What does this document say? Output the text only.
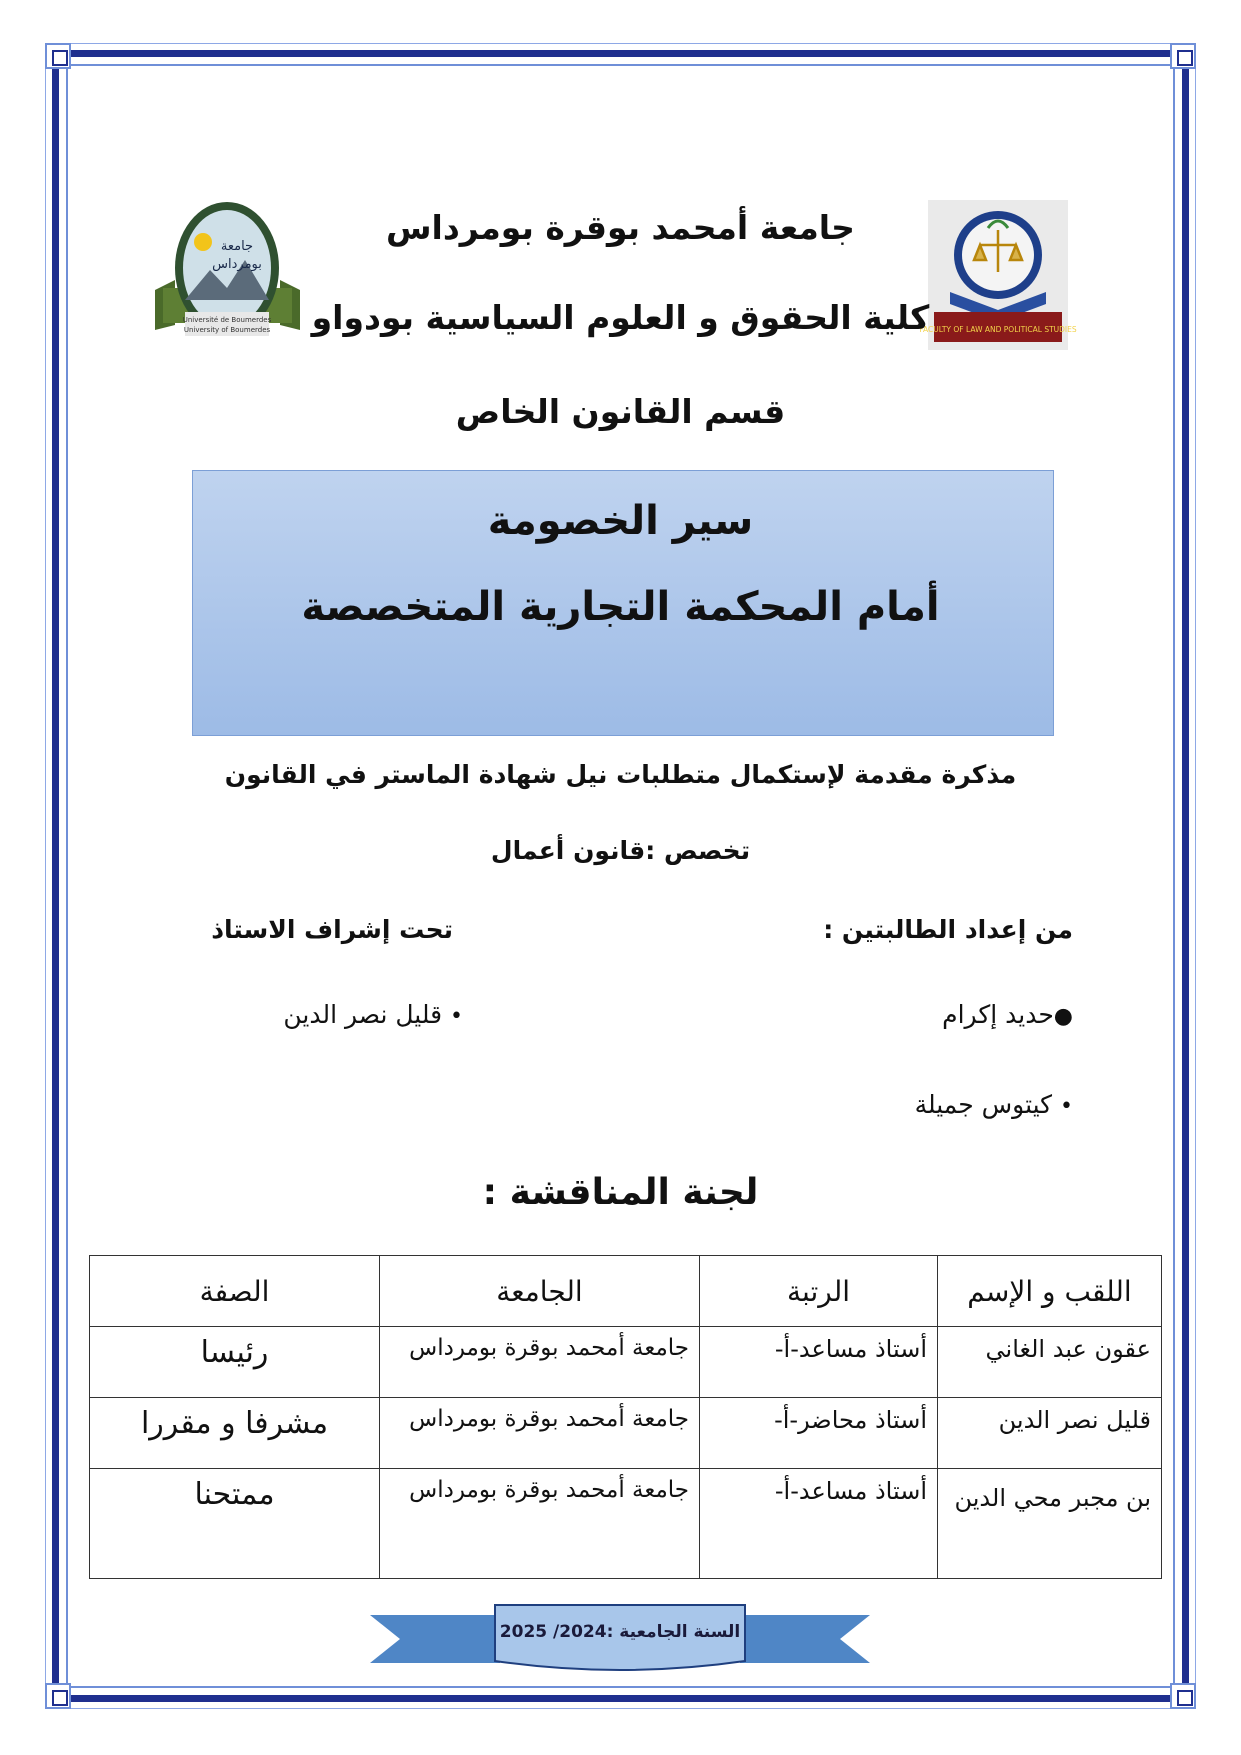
جامعة
بومرداس
Université de Boumerdes
University of Boumerdes	FACULTY OF LAW AND POLITICAL STUDIES
جامعة أمحمد بوقرة بومرداس
كلية الحقوق و العلوم السياسية بودواو
قسم القانون الخاص
سير الخصومة
أمام المحكمة التجارية المتخصصة
مذكرة مقدمة لإستكمال متطلبات نيل شهادة الماستر في القانون
تخصص :قانون أعمال
من إعداد الطالبتين :
تحت إشراف الاستاذ
●حديد إكرام
• كيتوس جميلة
• قليل نصر الدين
لجنة المناقشة :
اللقب و الإسم	الرتبة	الجامعة	الصفة
عقون عبد الغاني	أستاذ مساعد-أ-	جامعة أمحمد بوقرة بومرداس	رئيسا
قليل نصر الدين	أستاذ محاضر-أ-	جامعة أمحمد بوقرة بومرداس	مشرفا و مقررا
بن مجبر محي الدين	أستاذ مساعد-أ-	جامعة أمحمد بوقرة بومرداس	ممتحنا
السنة الجامعية :2024/ 2025
